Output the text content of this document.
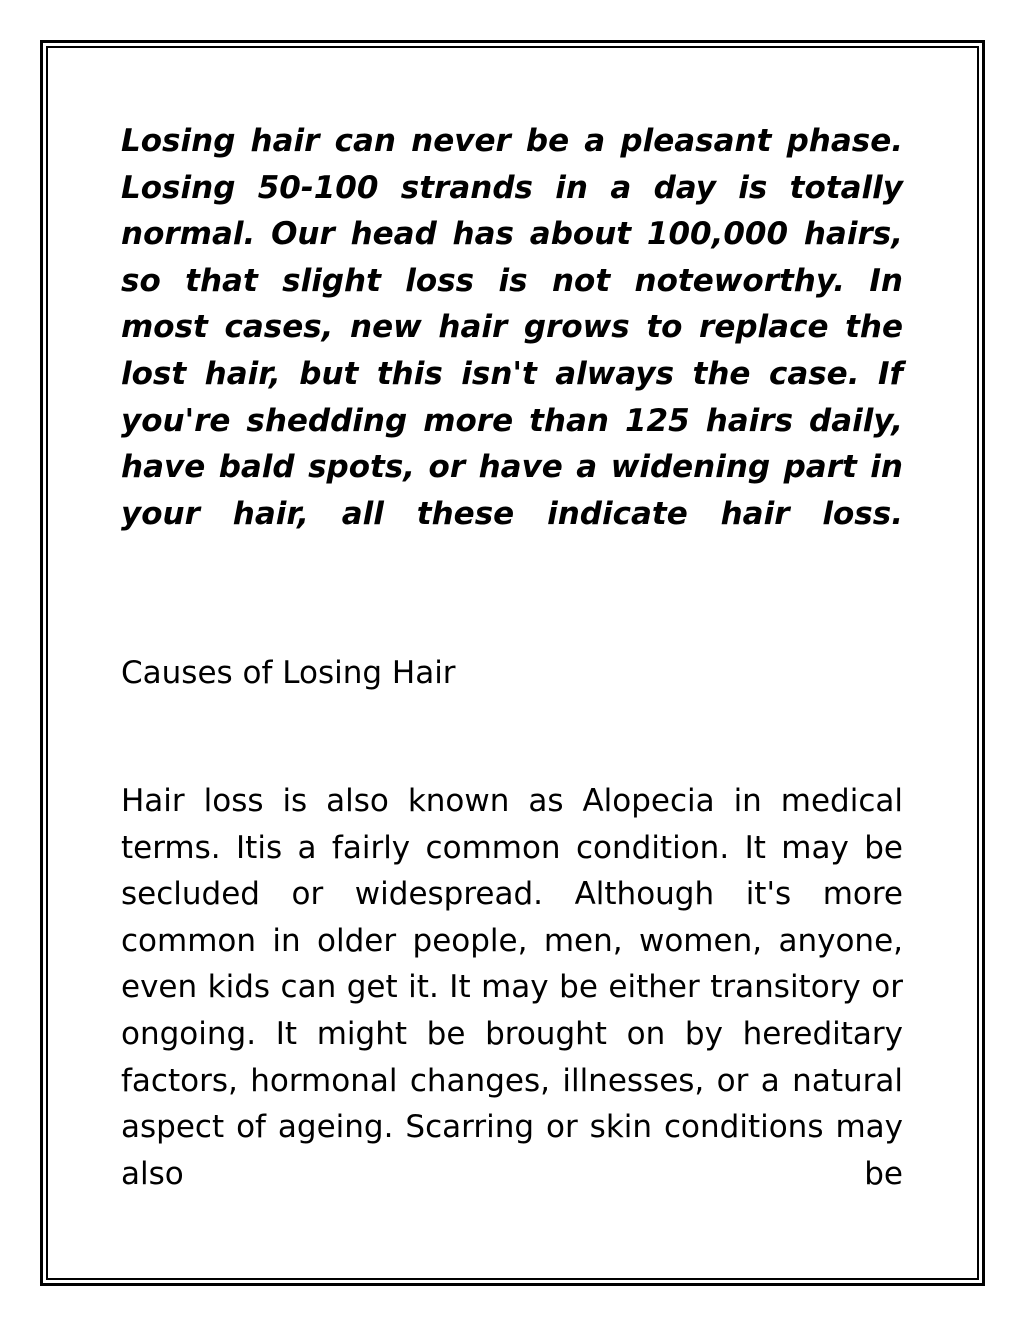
Losing hair can never be a pleasant phase. Losing 50-100 strands in a day is totally normal. Our head has about 100,000 hairs, so that slight loss is not noteworthy. In most cases, new hair grows to replace the lost hair, but this isn't always the case. If you're shedding more than 125 hairs daily, have bald spots, or have a widening part in your hair, all these indicate hair loss.

Causes of Losing Hair

Hair loss is also known as Alopecia in medical terms. Itis a fairly common condition. It may be secluded or widespread. Although it's more common in older people, men, women, anyone, even kids can get it. It may be either transitory or ongoing. It might be brought on by hereditary factors, hormonal changes, illnesses, or a natural aspect of ageing. Scarring or skin conditions may also be
